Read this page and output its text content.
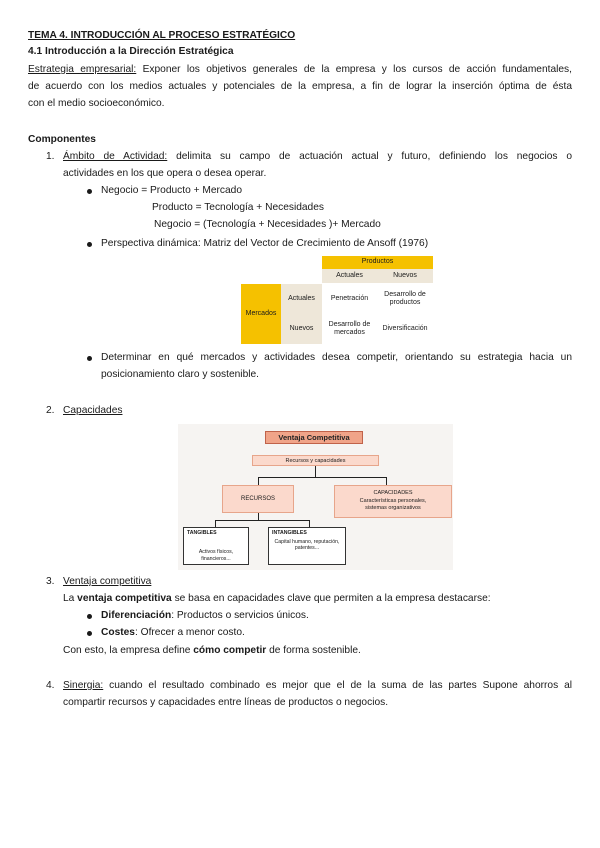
TEMA 4. INTRODUCCIÓN AL PROCESO ESTRATÉGICO
4.1 Introducción a la Dirección Estratégica
Estrategia empresarial: Exponer los objetivos generales de la empresa y los cursos de acción fundamentales,
de acuerdo con los medios actuales y potenciales de la empresa, a fin de lograr la inserción óptima de ésta
con el medio socioeconómico.
Componentes
1. Ámbito de Actividad: delimita su campo de actuación actual y futuro, definiendo los negocios o
actividades en los que opera o desea operar.
Negocio = Producto + Mercado
Producto = Tecnología + Necesidades
Negocio = (Tecnología + Necesidades )+ Mercado
Perspectiva dinámica: Matriz del Vector de Crecimiento de Ansoff (1976)
Productos
Actuales	Nuevos
Mercados
Actuales
Nuevos
Penetración
Desarrollo de productos
Desarrollo de mercados
Diversificación
Determinar en qué mercados y actividades desea competir, orientando su estrategia hacia un
posicionamiento claro y sostenible.
2. Capacidades
Ventaja Competitiva
Recursos y capacidades
RECURSOS
CAPACIDADES
Características personales,
sistemas organizativos
TANGIBLES
Activos físicos, financieros...
INTANGIBLES
Capital humano, reputación, patentes...
3. Ventaja competitiva
La ventaja competitiva se basa en capacidades clave que permiten a la empresa destacarse:
Diferenciación: Productos o servicios únicos.
Costes: Ofrecer a menor costo.
Con esto, la empresa define cómo competir de forma sostenible.
4. Sinergia: cuando el resultado combinado es mejor que el de la suma de las partes Supone ahorros al
compartir recursos y capacidades entre líneas de productos o negocios.
